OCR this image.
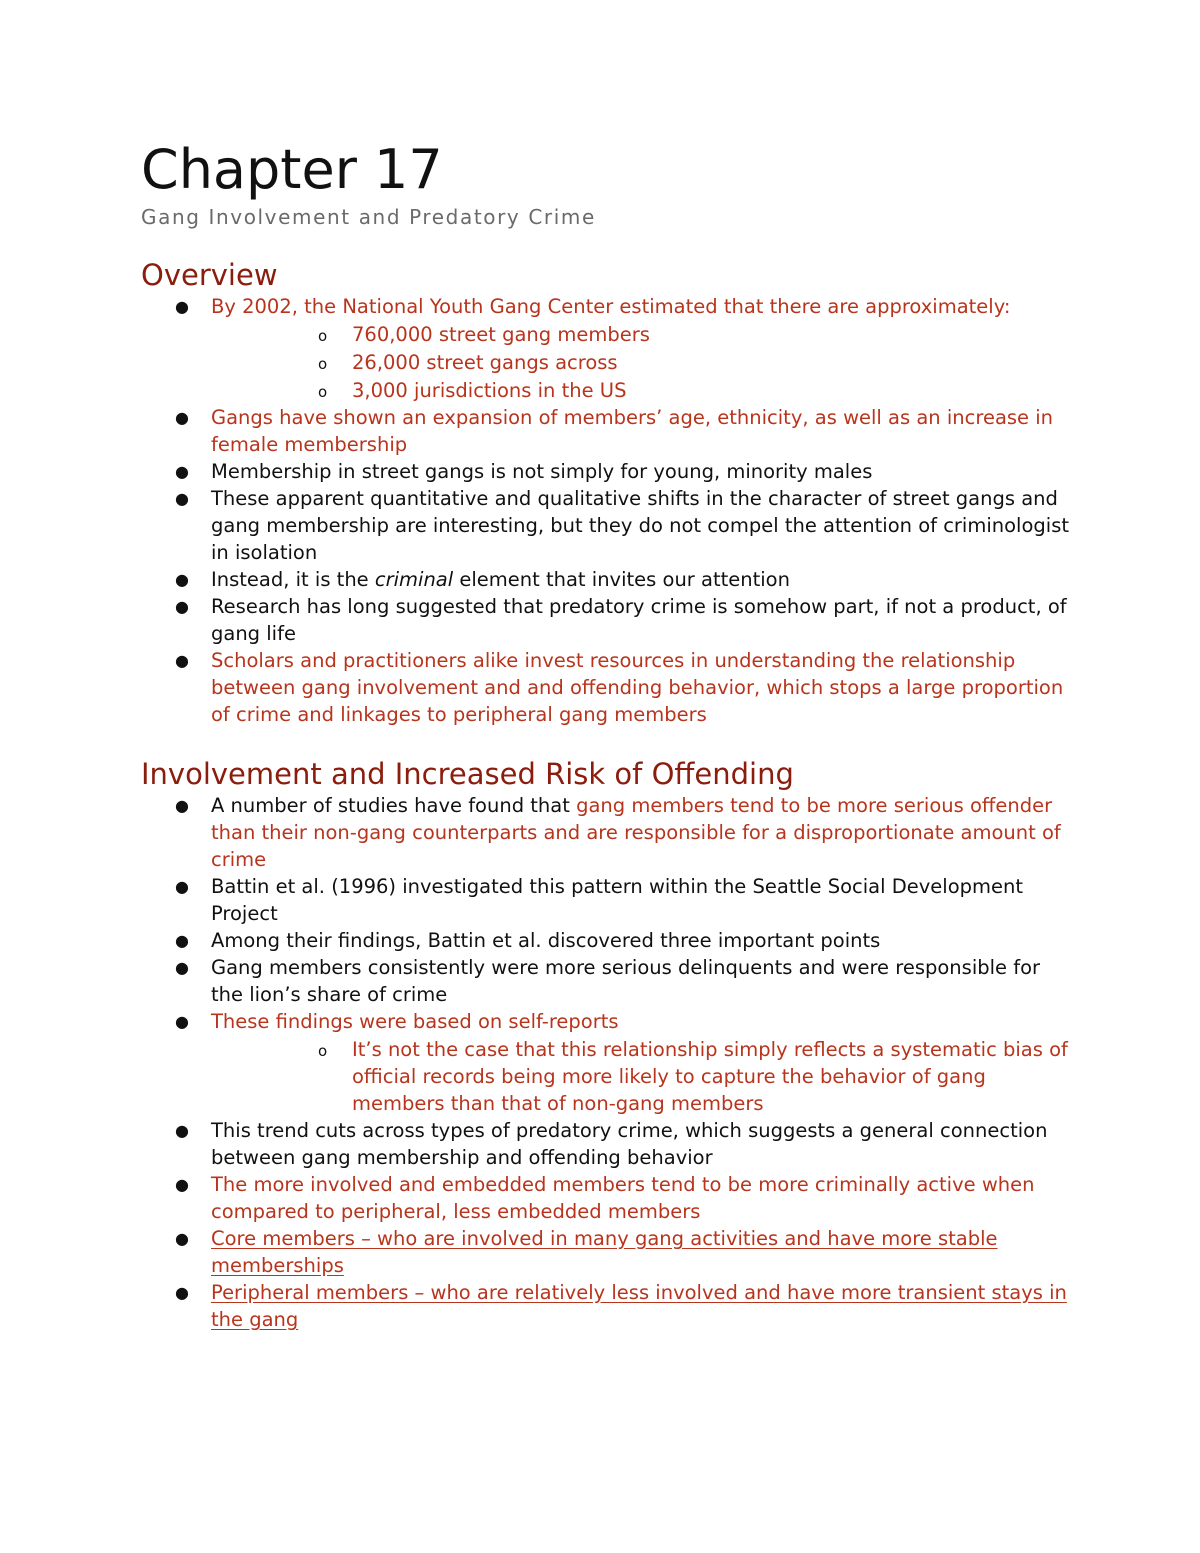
Chapter 17
Gang Involvement and Predatory Crime
Overview
● By 2002, the National Youth Gang Center estimated that there are approximately:
o 760,000 street gang members
o 26,000 street gangs across
o 3,000 jurisdictions in the US
● Gangs have shown an expansion of members’ age, ethnicity, as well as an increase in female membership
● Membership in street gangs is not simply for young, minority males
● These apparent quantitative and qualitative shifts in the character of street gangs and gang membership are interesting, but they do not compel the attention of criminologist in isolation
● Instead, it is the criminal element that invites our attention
● Research has long suggested that predatory crime is somehow part, if not a product, of gang life
● Scholars and practitioners alike invest resources in understanding the relationship between gang involvement and and offending behavior, which stops a large proportion of crime and linkages to peripheral gang members
Involvement and Increased Risk of Offending
● A number of studies have found that gang members tend to be more serious offender than their non-gang counterparts and are responsible for a disproportionate amount of crime
● Battin et al. (1996) investigated this pattern within the Seattle Social Development Project
● Among their findings, Battin et al. discovered three important points
● Gang members consistently were more serious delinquents and were responsible for the lion’s share of crime
● These findings were based on self-reports
o It’s not the case that this relationship simply reflects a systematic bias of official records being more likely to capture the behavior of gang members than that of non-gang members
● This trend cuts across types of predatory crime, which suggests a general connection between gang membership and offending behavior
● The more involved and embedded members tend to be more criminally active when compared to peripheral, less embedded members
● Core members – who are involved in many gang activities and have more stable memberships
● Peripheral members – who are relatively less involved and have more transient stays in the gang
